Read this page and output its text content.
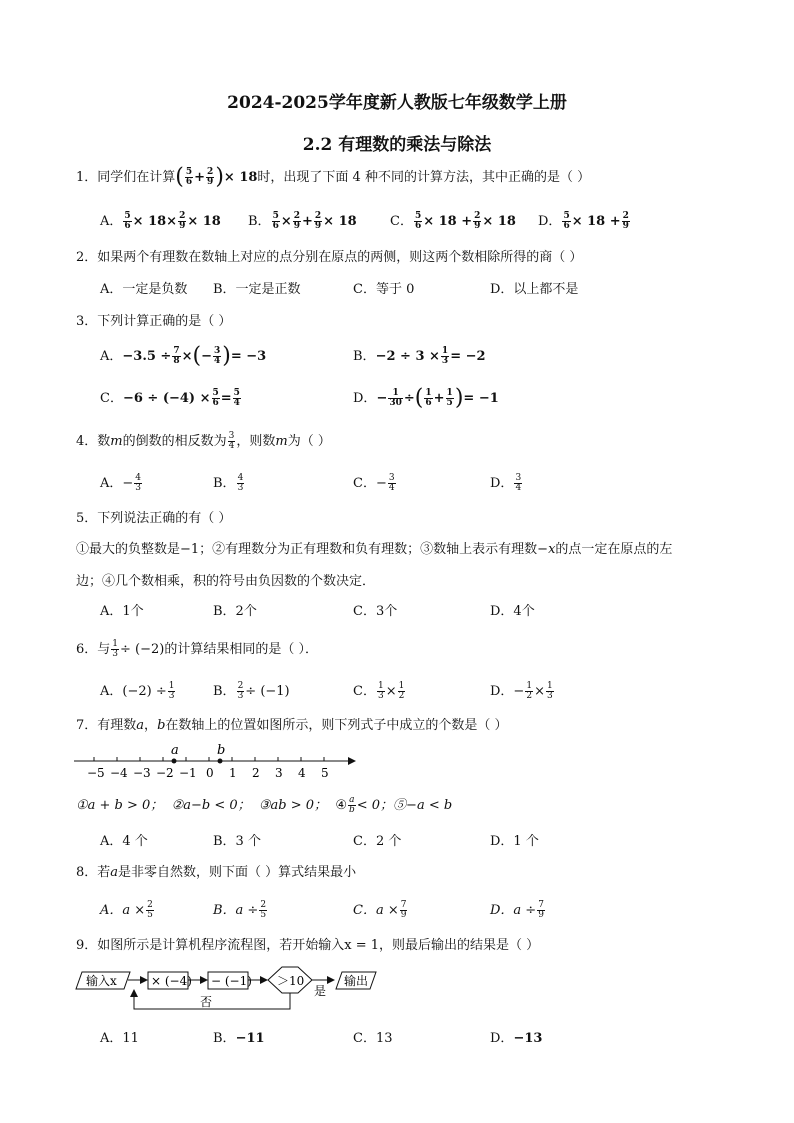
2024-2025学年度新人教版七年级数学上册
2.2 有理数的乘法与除法
1．同学们在计算( $\frac{5}{6} + \frac{2}{9}$ )× 18时，出现了下面 4 种不同的计算方法，其中正确的是（ ）
A． $\frac{5}{6} \times 18\times \frac{2}{9} \times 18$ B． $\frac{5}{6} \times \frac{2}{9} + \frac{2}{9} \times 18$	C． $\frac{5}{6} \times 18 + \frac{2}{9} \times 18$ D． $\frac{5}{6} \times 18 + \frac{2}{9}$
2．如果两个有理数在数轴上对应的点分别在原点的两侧，则这两个数相除所得的商（ ）
A．一定是负数 B．一定是正数	C．等于 0	D．以上都不是
3．下列计算正确的是（ ）
A．$-3.5 \div \frac{7}{8}$ ×(− $\frac{3}{4}$ )= −3	B．$-2 \div 3 \times \frac{1}{3} = -2$
C．$-6 \div (-4) \times \frac{5}{6} = \frac{5}{4}$	D．− $\frac{1}{30}$ ÷( $\frac{1}{6} + \frac{1}{5}$ )= −1
4．数m的倒数的相反数为 $\frac{3}{4}$ ，则数m为（ ）
A．− $\frac{4}{3}$	B． $\frac{4}{3}$	C．− $\frac{3}{4}$	D． $\frac{3}{4}$
5．下列说法正确的有（ ）
①最大的负整数是−1；②有理数分为正有理数和负有理数；③数轴上表示有理数−x的点一定在原点的左
边；④几个数相乘，积的符号由负因数的个数决定．
A．1个	B．2个	C．3个	D．4个
6．与 $\frac{1}{3} \div (-2)$的计算结果相同的是（ ）．
A．$(-2) \div \frac{1}{3}$	B． $\frac{2}{3} \div (-1)$	C． $\frac{1}{3} \times \frac{1}{2}$	D．− $\frac{1}{2} \times \frac{1}{3}$
7．有理数a，b在数轴上的位置如图所示，则下列式子中成立的个数是（ ）
−5 −4 −3 −2 −1 0 1 2 3 4 5
a	b
①a + b > 0； ②a−b < 0； ③ab > 0； ④ $\frac{a}{b} < 0$；⑤−a < b
A．4 个	B．3 个	C．2 个	D．1 个
8．若a是非零自然数，则下面（ ）算式结果最小
A．$a \times \frac{2}{5}$	B．$a \div \frac{2}{5}$	C．$a \times \frac{7}{9}$	D．$a \div \frac{7}{9}$
9．如图所示是计算机程序流程图，若开始输入x = 1，则最后输出的结果是（ ）
输入x	× (−4) − (−1) ＞10
是
输出
否
A．11	B．−11	C．13	D．−13
